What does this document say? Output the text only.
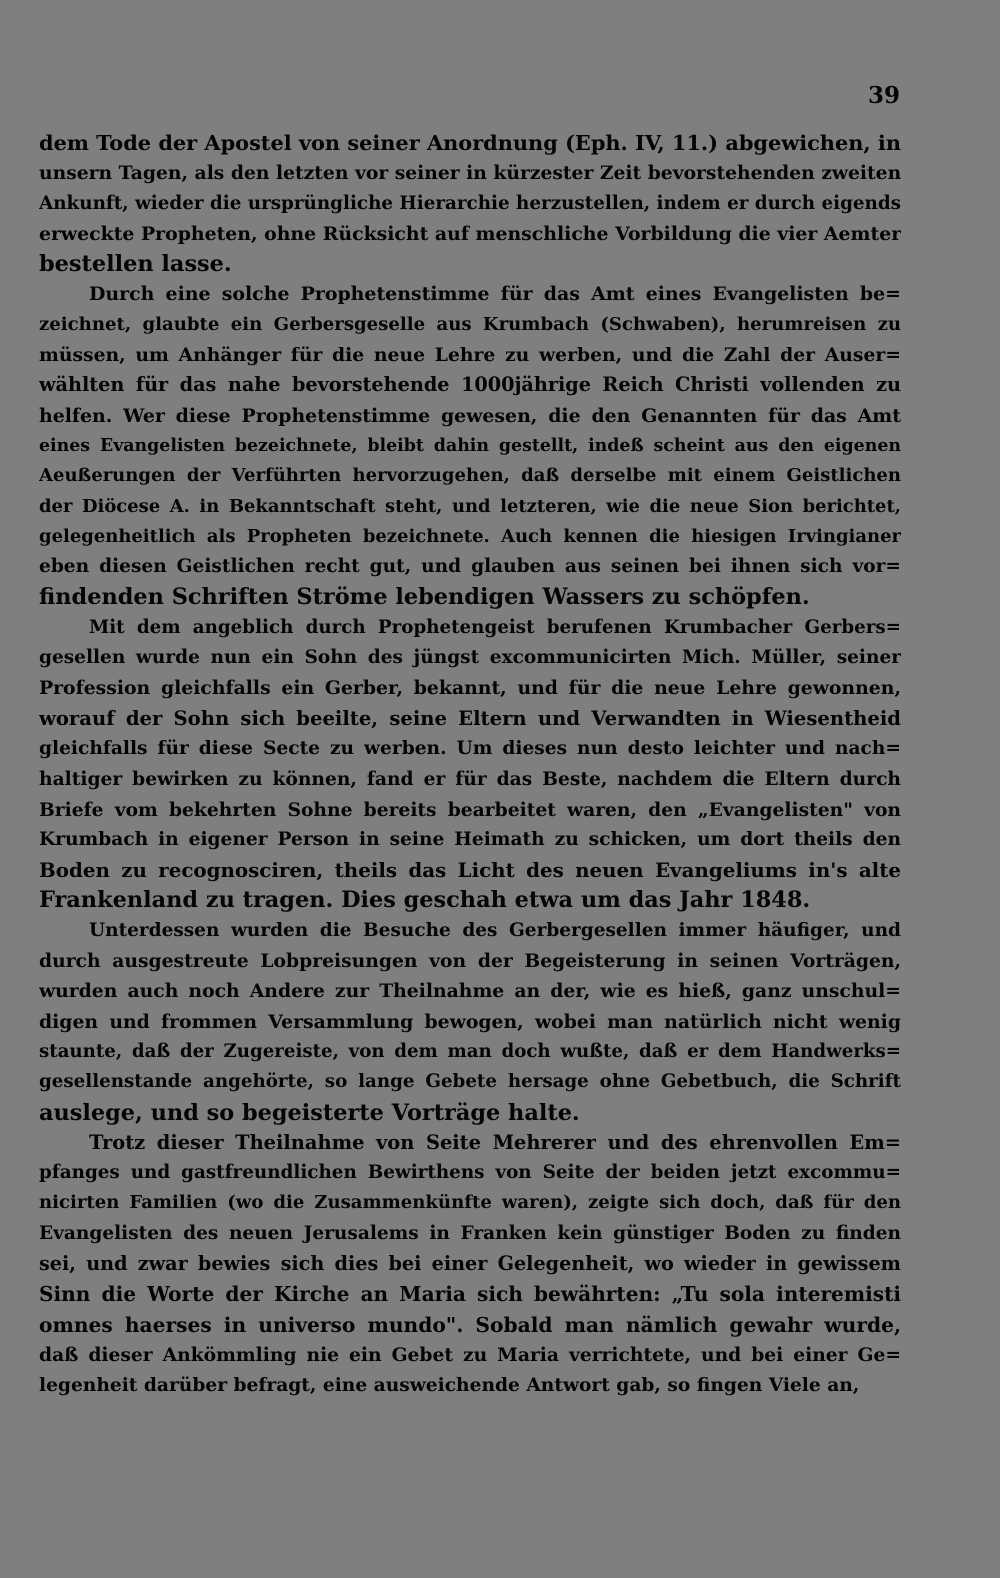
39
dem Tode der Apostel von seiner Anordnung (Eph. IV, 11.) abgewichen, in
unsern Tagen, als den letzten vor seiner in kürzester Zeit bevorstehenden zweiten
Ankunft, wieder die ursprüngliche Hierarchie herzustellen, indem er durch eigends
erweckte Propheten, ohne Rücksicht auf menschliche Vorbildung die vier Aemter
bestellen lasse.
Durch eine solche Prophetenstimme für das Amt eines Evangelisten be=
zeichnet, glaubte ein Gerbersgeselle aus Krumbach (Schwaben), herumreisen zu
müssen, um Anhänger für die neue Lehre zu werben, und die Zahl der Auser=
wählten für das nahe bevorstehende 1000jährige Reich Christi vollenden zu
helfen. Wer diese Prophetenstimme gewesen, die den Genannten für das Amt
eines Evangelisten bezeichnete, bleibt dahin gestellt, indeß scheint aus den eigenen
Aeußerungen der Verführten hervorzugehen, daß derselbe mit einem Geistlichen
der Diöcese A. in Bekanntschaft steht, und letzteren, wie die neue Sion berichtet,
gelegenheitlich als Propheten bezeichnete. Auch kennen die hiesigen Irvingianer
eben diesen Geistlichen recht gut, und glauben aus seinen bei ihnen sich vor=
findenden Schriften Ströme lebendigen Wassers zu schöpfen.
Mit dem angeblich durch Prophetengeist berufenen Krumbacher Gerbers=
gesellen wurde nun ein Sohn des jüngst excommunicirten Mich. Müller, seiner
Profession gleichfalls ein Gerber, bekannt, und für die neue Lehre gewonnen,
worauf der Sohn sich beeilte, seine Eltern und Verwandten in Wiesentheid
gleichfalls für diese Secte zu werben. Um dieses nun desto leichter und nach=
haltiger bewirken zu können, fand er für das Beste, nachdem die Eltern durch
Briefe vom bekehrten Sohne bereits bearbeitet waren, den „Evangelisten" von
Krumbach in eigener Person in seine Heimath zu schicken, um dort theils den
Boden zu recognosciren, theils das Licht des neuen Evangeliums in's alte
Frankenland zu tragen. Dies geschah etwa um das Jahr 1848.
Unterdessen wurden die Besuche des Gerbergesellen immer häufiger, und
durch ausgestreute Lobpreisungen von der Begeisterung in seinen Vorträgen,
wurden auch noch Andere zur Theilnahme an der, wie es hieß, ganz unschul=
digen und frommen Versammlung bewogen, wobei man natürlich nicht wenig
staunte, daß der Zugereiste, von dem man doch wußte, daß er dem Handwerks=
gesellenstande angehörte, so lange Gebete hersage ohne Gebetbuch, die Schrift
auslege, und so begeisterte Vorträge halte.
Trotz dieser Theilnahme von Seite Mehrerer und des ehrenvollen Em=
pfanges und gastfreundlichen Bewirthens von Seite der beiden jetzt excommu=
nicirten Familien (wo die Zusammenkünfte waren), zeigte sich doch, daß für den
Evangelisten des neuen Jerusalems in Franken kein günstiger Boden zu finden
sei, und zwar bewies sich dies bei einer Gelegenheit, wo wieder in gewissem
Sinn die Worte der Kirche an Maria sich bewährten: „Tu sola interemisti
omnes haerses in universo mundo". Sobald man nämlich gewahr wurde,
daß dieser Ankömmling nie ein Gebet zu Maria verrichtete, und bei einer Ge=
legenheit darüber befragt, eine ausweichende Antwort gab, so fingen Viele an,
